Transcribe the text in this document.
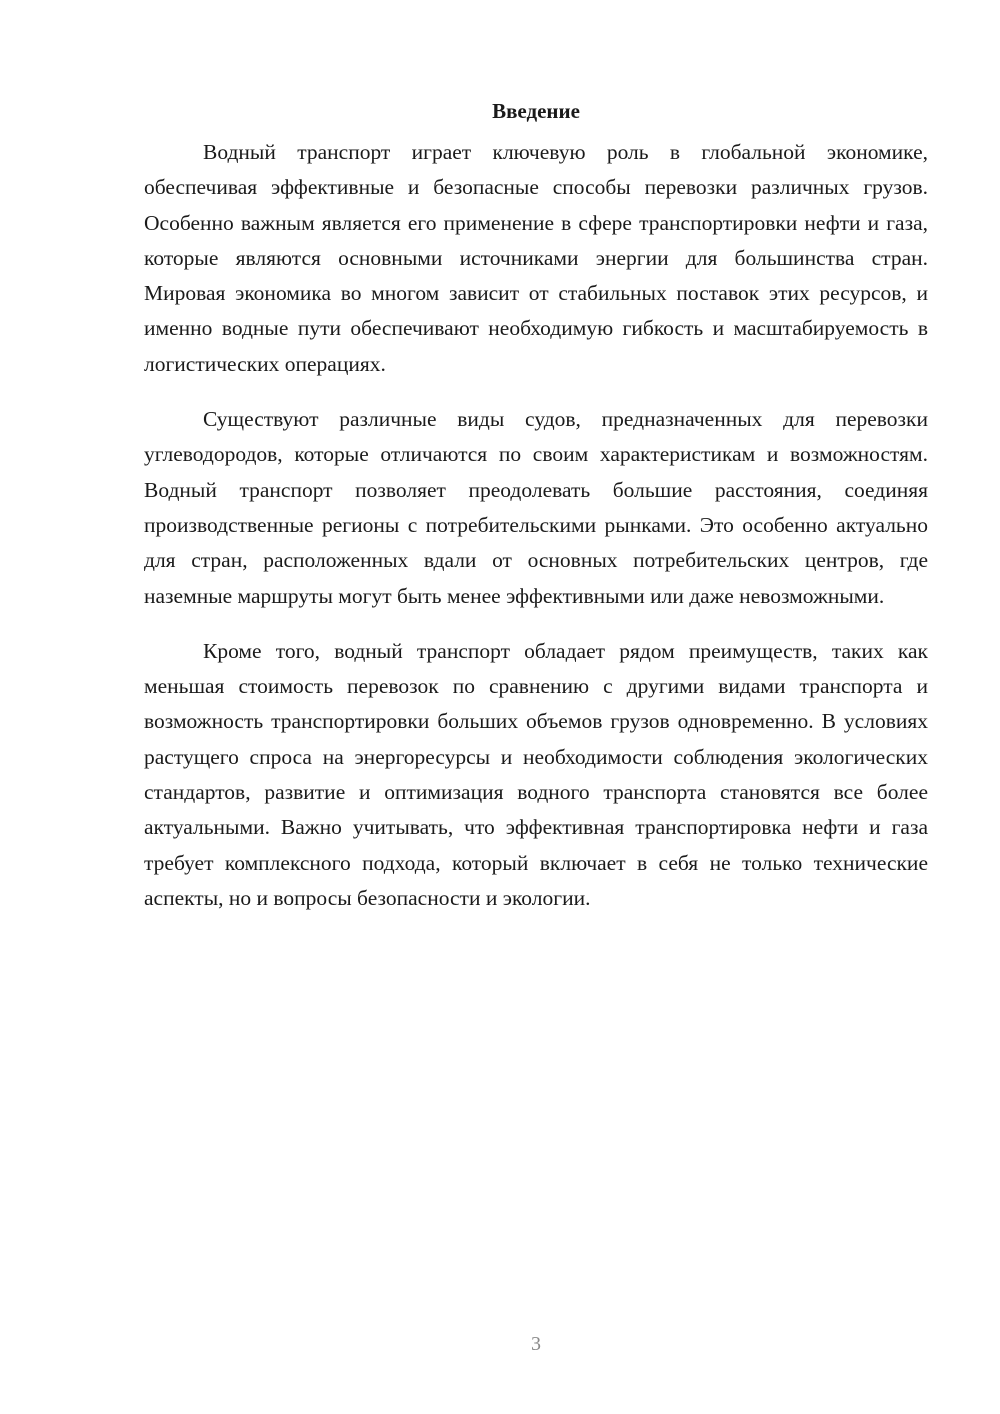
Введение

Водный транспорт играет ключевую роль в глобальной экономике, обеспечивая эффективные и безопасные способы перевозки различных грузов. Особенно важным является его применение в сфере транспортировки нефти и газа, которые являются основными источниками энергии для большинства стран. Мировая экономика во многом зависит от стабильных поставок этих ресурсов, и именно водные пути обеспечивают необходимую гибкость и масштабируемость в логистических операциях.

Существуют различные виды судов, предназначенных для перевозки углеводородов, которые отличаются по своим характеристикам и возможностям. Водный транспорт позволяет преодолевать большие расстояния, соединяя производственные регионы с потребительскими рынками. Это особенно актуально для стран, расположенных вдали от основных потребительских центров, где наземные маршруты могут быть менее эффективными или даже невозможными.

Кроме того, водный транспорт обладает рядом преимуществ, таких как меньшая стоимость перевозок по сравнению с другими видами транспорта и возможность транспортировки больших объемов грузов одновременно. В условиях растущего спроса на энергоресурсы и необходимости соблюдения экологических стандартов, развитие и оптимизация водного транспорта становятся все более актуальными. Важно учитывать, что эффективная транспортировка нефти и газа требует комплексного подхода, который включает в себя не только технические аспекты, но и вопросы безопасности и экологии.

3
